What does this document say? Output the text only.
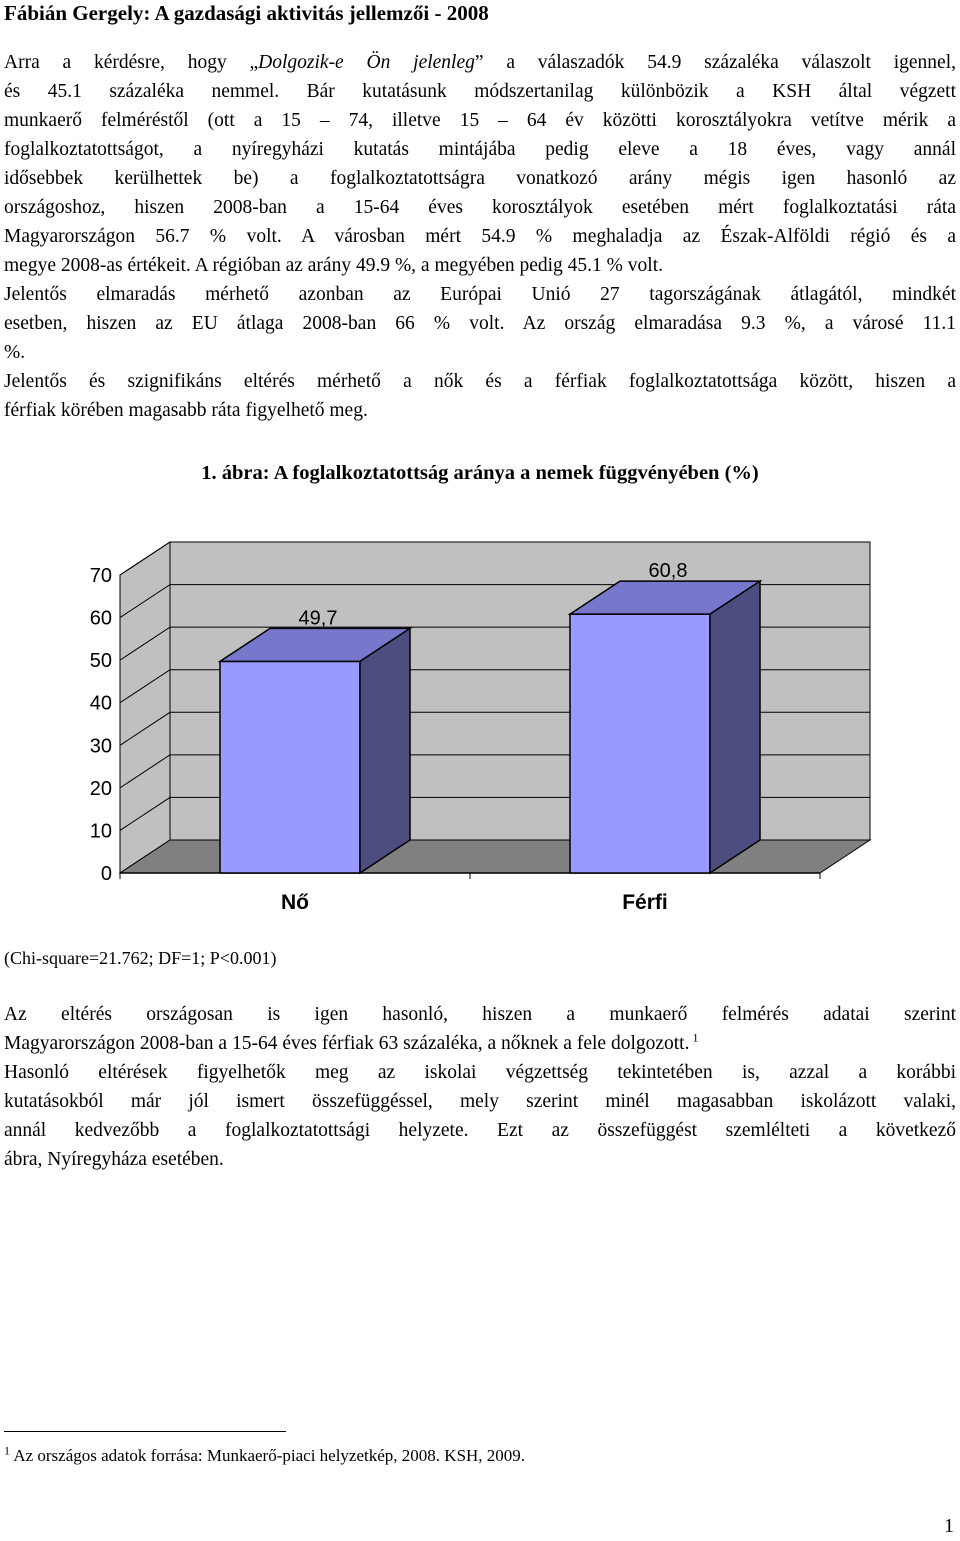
Fábián Gergely: A gazdasági aktivitás jellemzői - 2008
Arra a kérdésre, hogy „Dolgozik-e Ön jelenleg” a válaszadók 54.9 százaléka válaszolt igennel,
és 45.1 százaléka nemmel. Bár kutatásunk módszertanilag különbözik a KSH által végzett
munkaerő felméréstől (ott a 15 – 74, illetve 15 – 64 év közötti korosztályokra vetítve mérik a
foglalkoztatottságot, a nyíregyházi kutatás mintájába pedig eleve a 18 éves, vagy annál
idősebbek kerülhettek be) a foglalkoztatottságra vonatkozó arány mégis igen hasonló az
országoshoz, hiszen 2008-ban a 15-64 éves korosztályok esetében mért foglalkoztatási ráta
Magyarországon 56.7 % volt. A városban mért 54.9 % meghaladja az Észak-Alföldi régió és a
megye 2008-as értékeit. A régióban az arány 49.9 %, a megyében pedig 45.1 % volt.
Jelentős elmaradás mérhető azonban az Európai Unió 27 tagországának átlagától, mindkét
esetben, hiszen az EU átlaga 2008-ban 66 % volt. Az ország elmaradása 9.3 %, a városé 11.1
%.
Jelentős és szignifikáns eltérés mérhető a nők és a férfiak foglalkoztatottsága között, hiszen a
férfiak körében magasabb ráta figyelhető meg.
1. ábra: A foglalkoztatottság aránya a nemek függvényében (%)
0
10
20
30
40
50
60
70
49,7
Nő
60,8
Férfi
(Chi-square=21.762; DF=1; P<0.001)
Az eltérés országosan is igen hasonló, hiszen a munkaerő felmérés adatai szerint
Magyarországon 2008-ban a 15-64 éves férfiak 63 százaléka, a nőknek a fele dolgozott. $^1$
Hasonló eltérések figyelhetők meg az iskolai végzettség tekintetében is, azzal a korábbi
kutatásokból már jól ismert összefüggéssel, mely szerint minél magasabban iskolázott valaki,
annál kedvezőbb a foglalkoztatottsági helyzete. Ezt az összefüggést szemlélteti a következő
ábra, Nyíregyháza esetében.
$^1$ Az országos adatok forrása: Munkaerő-piaci helyzetkép, 2008. KSH, 2009.
1
